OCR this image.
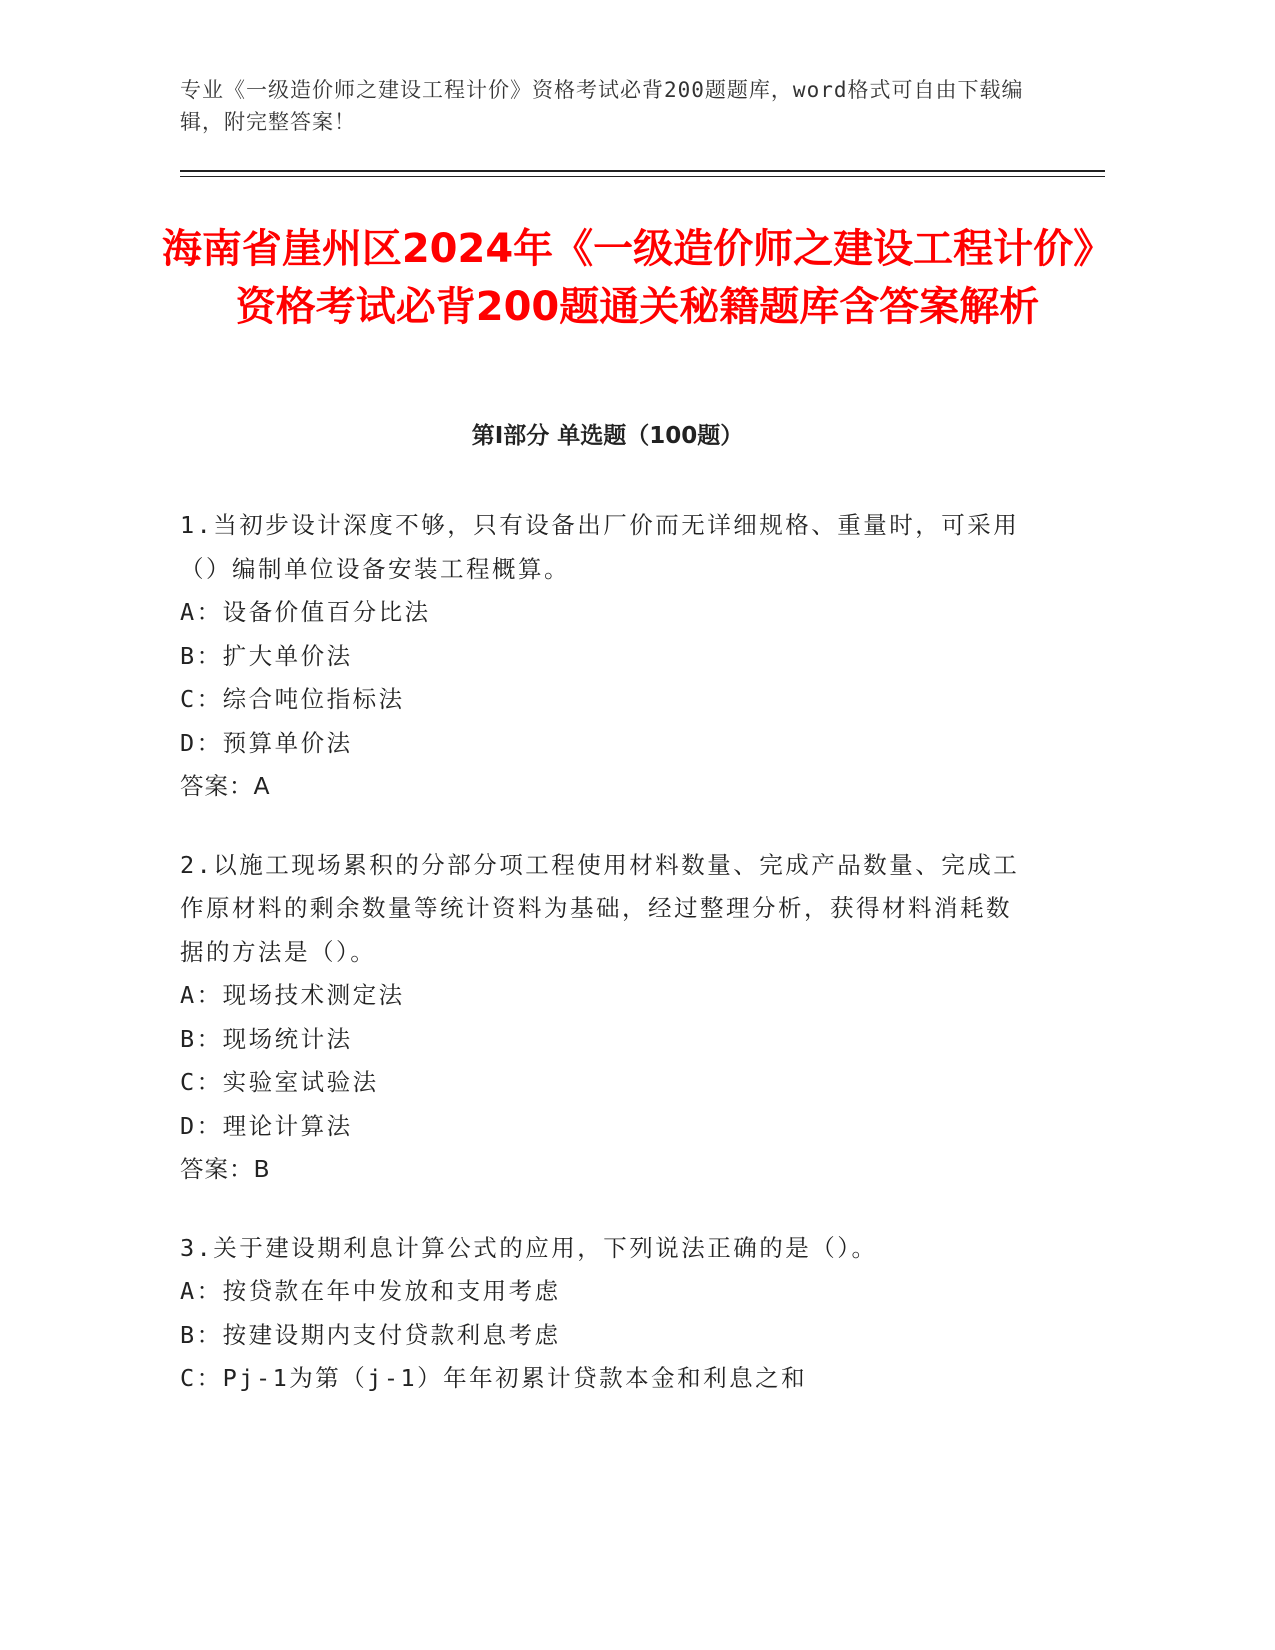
专业《一级造价师之建设工程计价》资格考试必背200题题库，word格式可自由下载编辑，附完整答案！
海南省崖州区2024年《一级造价师之建设工程计价》资格考试必背200题通关秘籍题库含答案解析
第Ⅰ部分 单选题（100题）
1.当初步设计深度不够，只有设备出厂价而无详细规格、重量时，可采用（）编制单位设备安装工程概算。
A：设备价值百分比法
B：扩大单价法
C：综合吨位指标法
D：预算单价法
答案：A
2.以施工现场累积的分部分项工程使用材料数量、完成产品数量、完成工作原材料的剩余数量等统计资料为基础，经过整理分析，获得材料消耗数据的方法是（）。
A：现场技术测定法
B：现场统计法
C：实验室试验法
D：理论计算法
答案：B
3.关于建设期利息计算公式的应用，下列说法正确的是（）。
A：按贷款在年中发放和支用考虑
B：按建设期内支付贷款利息考虑
C：Pj-1为第（j-1）年年初累计贷款本金和利息之和
